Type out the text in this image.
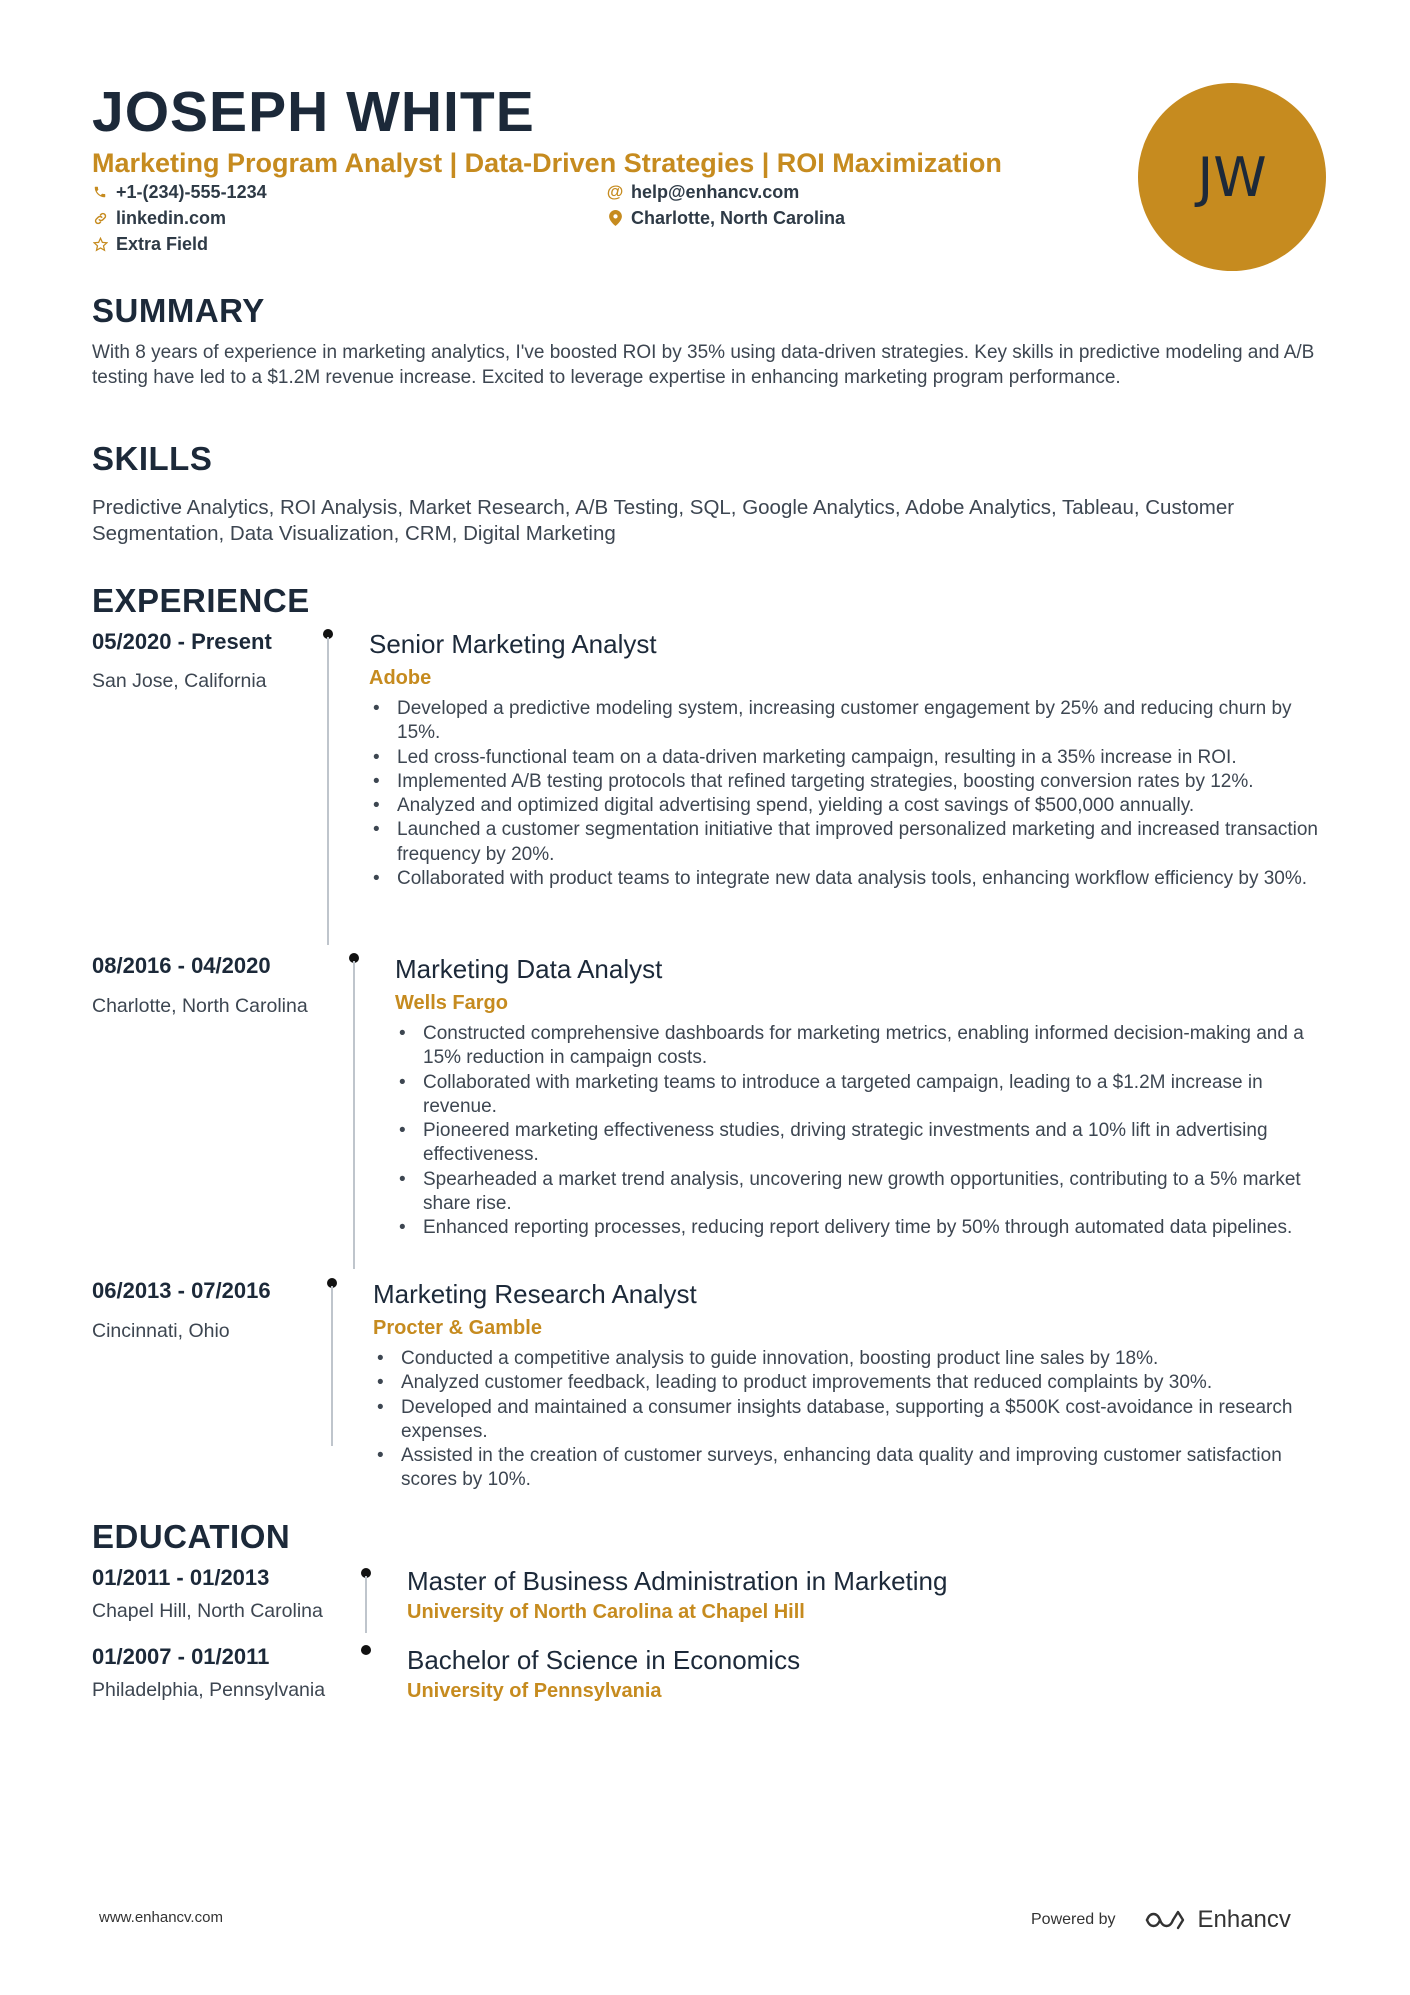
JOSEPH WHITE
Marketing Program Analyst | Data-Driven Strategies | ROI Maximization
+1-(234)-555-1234	@ help@enhancv.com
linkedin.com	Charlotte, North Carolina
Extra Field
JW
SUMMARY
With 8 years of experience in marketing analytics, I've boosted ROI by 35% using data-driven strategies. Key skills in predictive modeling and A/B testing have led to a $1.2M revenue increase. Excited to leverage expertise in enhancing marketing program performance.
SKILLS
Predictive Analytics, ROI Analysis, Market Research, A/B Testing, SQL, Google Analytics, Adobe Analytics, Tableau, Customer Segmentation, Data Visualization, CRM, Digital Marketing
EXPERIENCE
05/2020 - Present
San Jose, California
Senior Marketing Analyst
Adobe
• Developed a predictive modeling system, increasing customer engagement by 25% and reducing churn by 15%.
• Led cross-functional team on a data-driven marketing campaign, resulting in a 35% increase in ROI.
• Implemented A/B testing protocols that refined targeting strategies, boosting conversion rates by 12%.
• Analyzed and optimized digital advertising spend, yielding a cost savings of $500,000 annually.
• Launched a customer segmentation initiative that improved personalized marketing and increased transaction frequency by 20%.
• Collaborated with product teams to integrate new data analysis tools, enhancing workflow efficiency by 30%.
08/2016 - 04/2020
Charlotte, North Carolina
Marketing Data Analyst
Wells Fargo
• Constructed comprehensive dashboards for marketing metrics, enabling informed decision-making and a 15% reduction in campaign costs.
• Collaborated with marketing teams to introduce a targeted campaign, leading to a $1.2M increase in revenue.
• Pioneered marketing effectiveness studies, driving strategic investments and a 10% lift in advertising effectiveness.
• Spearheaded a market trend analysis, uncovering new growth opportunities, contributing to a 5% market share rise.
• Enhanced reporting processes, reducing report delivery time by 50% through automated data pipelines.
06/2013 - 07/2016
Cincinnati, Ohio
Marketing Research Analyst
Procter & Gamble
• Conducted a competitive analysis to guide innovation, boosting product line sales by 18%.
• Analyzed customer feedback, leading to product improvements that reduced complaints by 30%.
• Developed and maintained a consumer insights database, supporting a $500K cost-avoidance in research expenses.
• Assisted in the creation of customer surveys, enhancing data quality and improving customer satisfaction scores by 10%.
EDUCATION
01/2011 - 01/2013
Chapel Hill, North Carolina
Master of Business Administration in Marketing
University of North Carolina at Chapel Hill
01/2007 - 01/2011
Philadelphia, Pennsylvania
Bachelor of Science in Economics
University of Pennsylvania
www.enhancv.com	Powered by	Enhancv
